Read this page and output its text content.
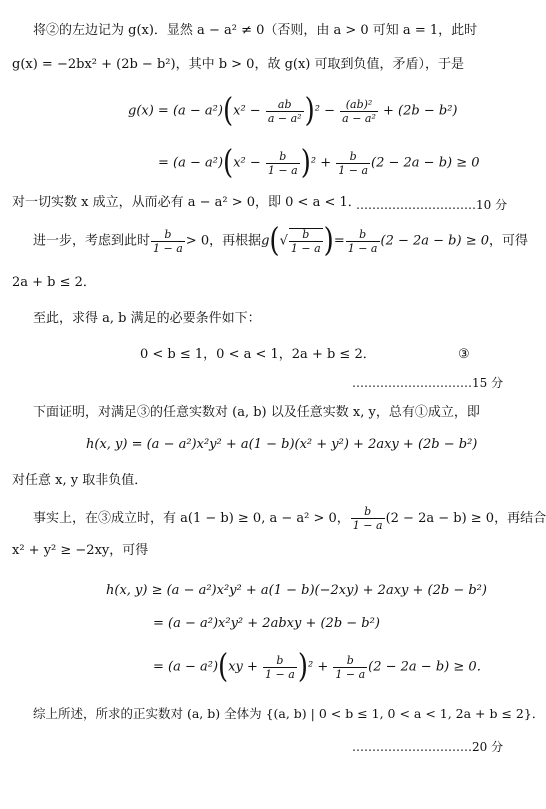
将②的左边记为 g(x)．显然 a − a² ≠ 0（否则，由 a > 0 可知 a = 1，此时
g(x) = −2bx² + (2b − b²)，其中 b > 0，故 g(x) 可取到负值，矛盾），于是
$g(x) = (a - a^2)(x^2 - \frac{ab}{\text{a − a²}} )^2 - \frac{\text{(ab)²}}{\text{a − a²}} + (2b - b^2)$
= $(a - a^2)(x^2 - \frac{b}{1 - a} )^2 + \frac{b}{1 - a} (2 - 2a - b) \ge 0$
对一切实数 x 成立，从而必有 a − a² > 0，即 0 < a < 1．
…………………………10 分
进一步，考虑到此时 $\frac{b}{1 - a} > 0$，再根据$g(√ \frac{b}{1 - a}$ )= $\frac{b}{1 - a} (2 - 2a - b) \ge 0$，可得
2a + b ≤ 2．
至此，求得 a, b 满足的必要条件如下：
0 < b ≤ 1，0 < a < 1，2a + b ≤ 2．	③
…………………………15 分
下面证明，对满足③的任意实数对 (a, b) 以及任意实数 x, y，总有①成立，即
h(x, y) = (a − a²)x²y² + a(1 − b)(x² + y²) + 2axy + (2b − b²)
对任意 x, y 取非负值．
事实上，在③成立时，有 a(1 − b) ≥ 0, a − a² > 0， $\frac{b}{1 - a} (2 - 2a - b) \ge 0$，再结合
x² + y² ≥ −2xy，可得
h(x, y) ≥ (a − a²)x²y² + a(1 − b)(−2xy) + 2axy + (2b − b²)
= (a − a²)x²y² + 2abxy + (2b − b²)
= $(a - a^2)(xy + \frac{b}{1 - a} )^2 + \frac{b}{1 - a} (2 - 2a - b) \ge 0$．
综上所述，所求的正实数对 (a, b) 全体为 {(a, b) | 0 < b ≤ 1, 0 < a < 1, 2a + b ≤ 2}．
…………………………20 分
